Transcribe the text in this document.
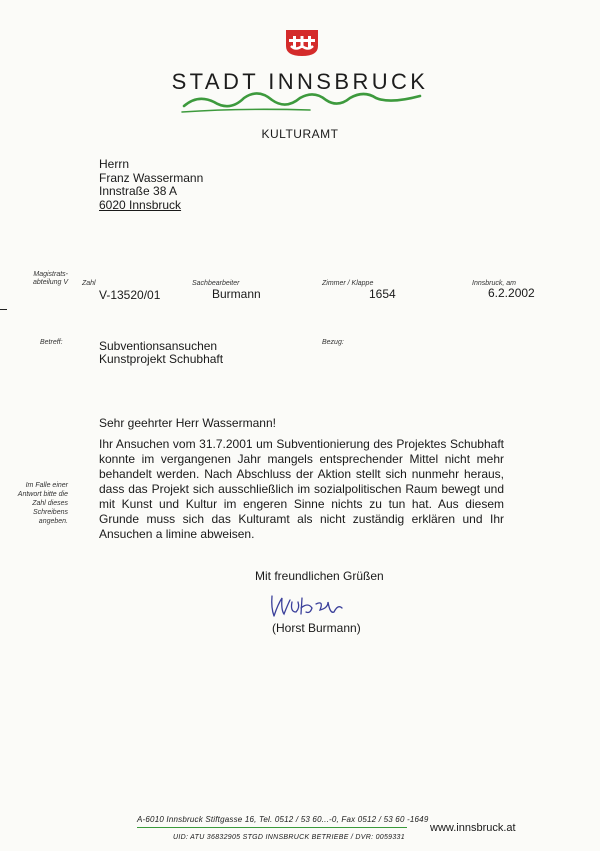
STADT INNSBRUCK
KULTURAMT
Herrn
Franz Wassermann
Innstraße 38 A
6020 Innsbruck
Magistrats- abteilung V Zahl	Sachbearbeiter	Zimmer / Klappe	Innsbruck, am
V-13520/01	Burmann	1654	6.2.2002
Betreff:	Subventionsansuchen
Kunstprojekt Schubhaft
Bezug:
Sehr geehrter Herr Wassermann!
Ihr Ansuchen vom 31.7.2001 um Subventionierung des Projektes Schubhaft konnte im vergangenen Jahr mangels entsprechender Mittel nicht mehr behandelt werden. Nach Abschluss der Aktion stellt sich nunmehr heraus, dass das Projekt sich ausschließlich im sozialpolitischen Raum bewegt und mit Kunst und Kultur im engeren Sinne nichts zu tun hat. Aus diesem Grunde muss sich das Kulturamt als nicht zuständig erklären und Ihr Ansuchen a limine abweisen.
Im Falle einer Antwort bitte die Zahl dieses Schreibens angeben.
Mit freundlichen Grüßen
(Horst Burmann)
A-6010 Innsbruck Stiftgasse 16, Tel. 0512 / 53 60...-0, Fax 0512 / 53 60 -1649
UID: ATU 36832905 STGD INNSBRUCK BETRIEBE / DVR: 0059331
www.innsbruck.at
